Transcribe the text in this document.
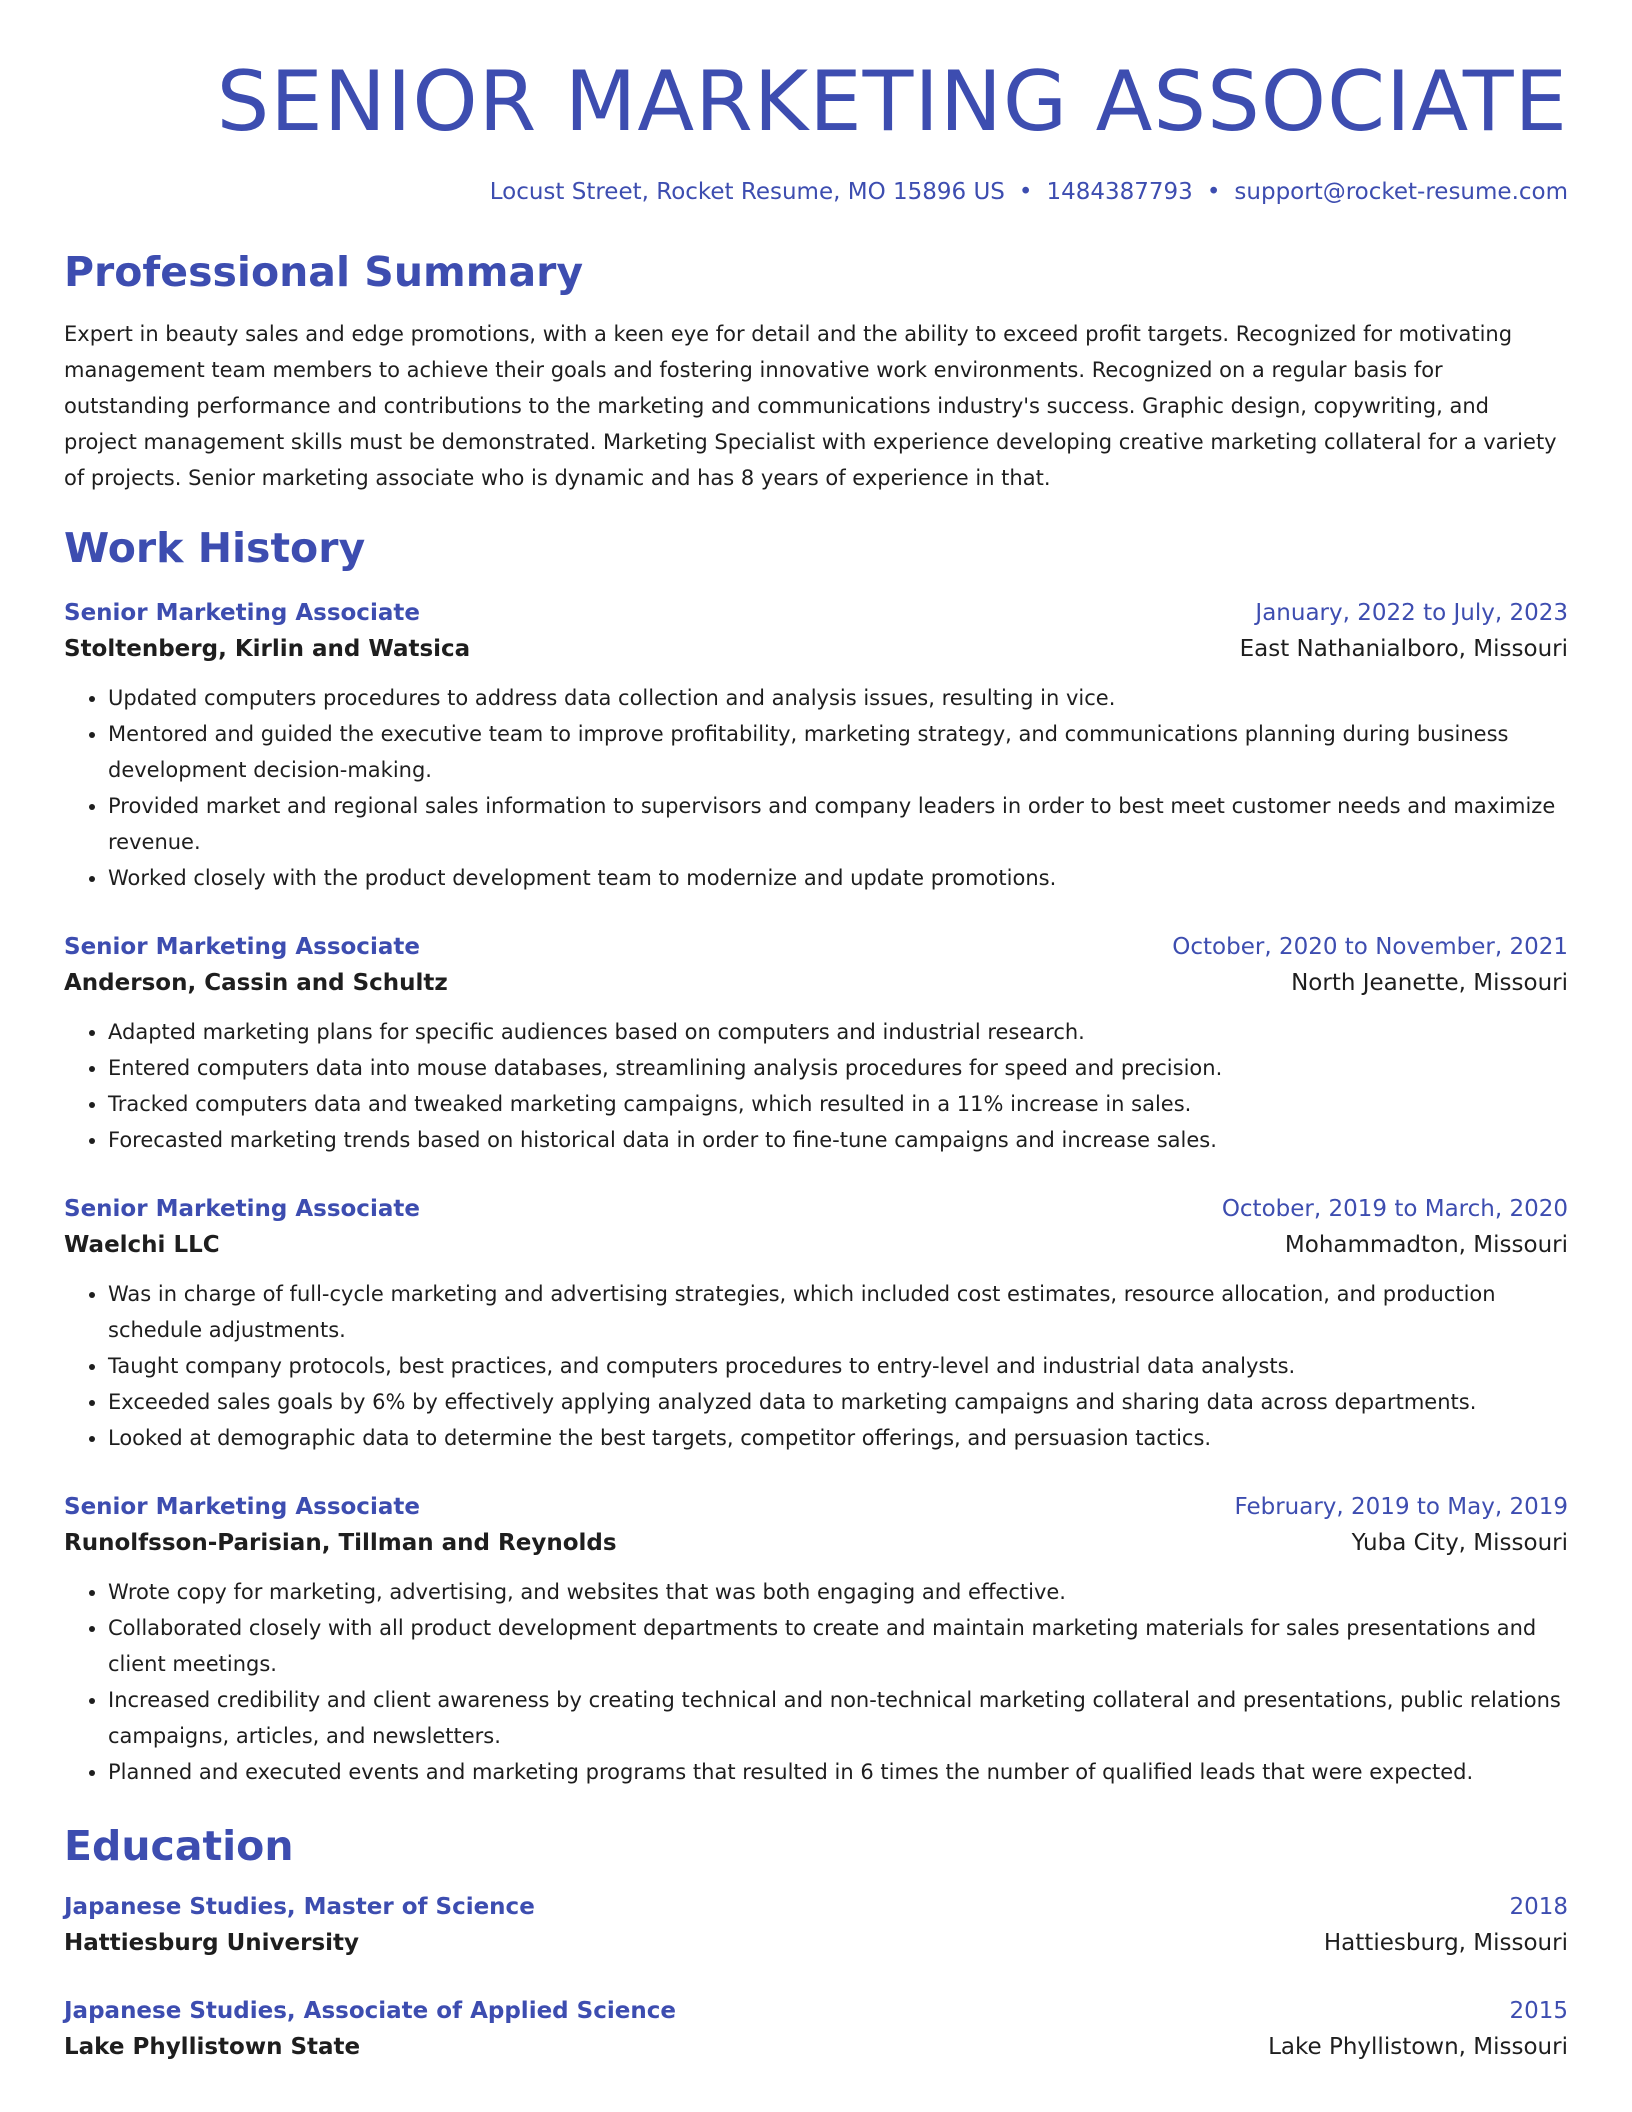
SENIOR MARKETING ASSOCIATE
Locust Street, Rocket Resume, MO 15896 US • 1484387793 • support@rocket-resume.com
Professional Summary
Expert in beauty sales and edge promotions, with a keen eye for detail and the ability to exceed profit targets. Recognized for motivating management team members to achieve their goals and fostering innovative work environments. Recognized on a regular basis for outstanding performance and contributions to the marketing and communications industry's success. Graphic design, copywriting, and project management skills must be demonstrated. Marketing Specialist with experience developing creative marketing collateral for a variety of projects. Senior marketing associate who is dynamic and has 8 years of experience in that.
Work History
Senior Marketing Associate	January, 2022 to July, 2023
Stoltenberg, Kirlin and Watsica	East Nathanialboro, Missouri
• Updated computers procedures to address data collection and analysis issues, resulting in vice.
• Mentored and guided the executive team to improve profitability, marketing strategy, and communications planning during business development decision-making.
• Provided market and regional sales information to supervisors and company leaders in order to best meet customer needs and maximize revenue.
• Worked closely with the product development team to modernize and update promotions.
Senior Marketing Associate	October, 2020 to November, 2021
Anderson, Cassin and Schultz	North Jeanette, Missouri
• Adapted marketing plans for specific audiences based on computers and industrial research.
• Entered computers data into mouse databases, streamlining analysis procedures for speed and precision.
• Tracked computers data and tweaked marketing campaigns, which resulted in a 11% increase in sales.
• Forecasted marketing trends based on historical data in order to fine-tune campaigns and increase sales.
Senior Marketing Associate	October, 2019 to March, 2020
Waelchi LLC	Mohammadton, Missouri
• Was in charge of full-cycle marketing and advertising strategies, which included cost estimates, resource allocation, and production schedule adjustments.
• Taught company protocols, best practices, and computers procedures to entry-level and industrial data analysts.
• Exceeded sales goals by 6% by effectively applying analyzed data to marketing campaigns and sharing data across departments.
• Looked at demographic data to determine the best targets, competitor offerings, and persuasion tactics.
Senior Marketing Associate	February, 2019 to May, 2019
Runolfsson-Parisian, Tillman and Reynolds	Yuba City, Missouri
• Wrote copy for marketing, advertising, and websites that was both engaging and effective.
• Collaborated closely with all product development departments to create and maintain marketing materials for sales presentations and client meetings.
• Increased credibility and client awareness by creating technical and non-technical marketing collateral and presentations, public relations campaigns, articles, and newsletters.
• Planned and executed events and marketing programs that resulted in 6 times the number of qualified leads that were expected.
Education
Japanese Studies, Master of Science	2018
Hattiesburg University	Hattiesburg, Missouri
Japanese Studies, Associate of Applied Science	2015
Lake Phyllistown State	Lake Phyllistown, Missouri
